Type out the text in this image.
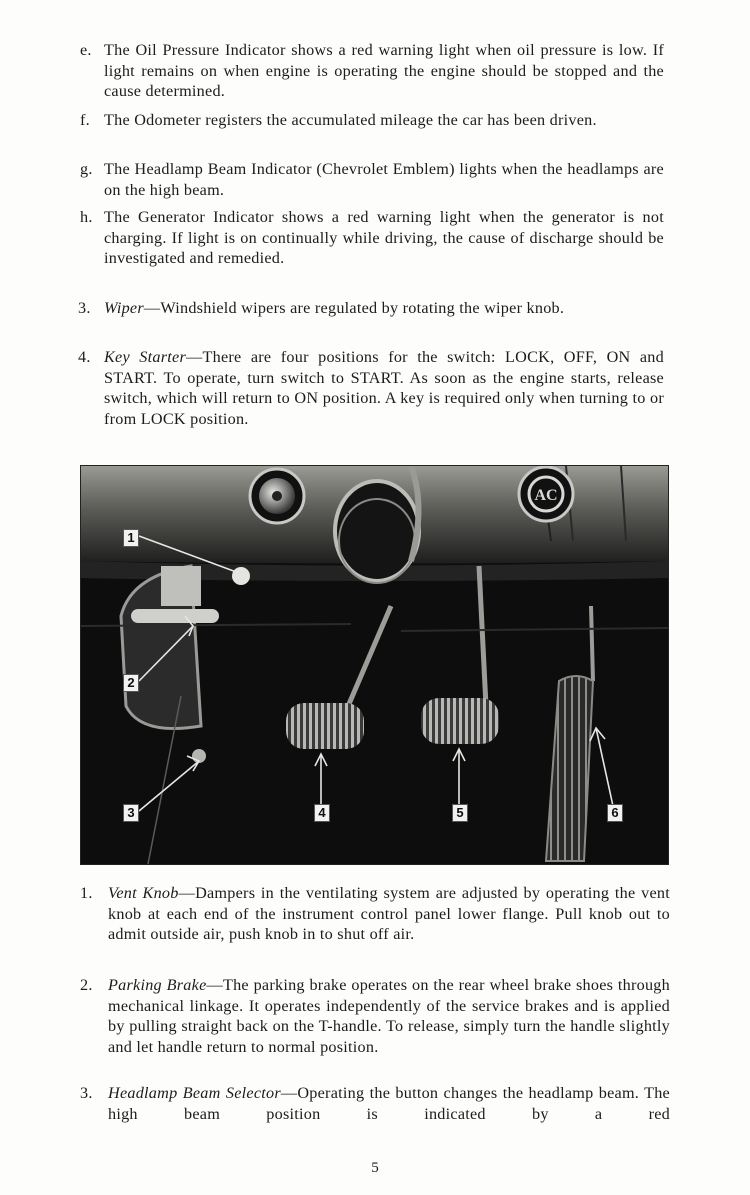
e. The Oil Pressure Indicator shows a red warning light when oil pressure is low. If light remains on when engine is operating the engine should be stopped and the cause determined.
f. The Odometer registers the accumulated mileage the car has been driven.
g. The Headlamp Beam Indicator (Chevrolet Emblem) lights when the headlamps are on the high beam.
h. The Generator Indicator shows a red warning light when the generator is not charging. If light is on continually while driving, the cause of discharge should be investigated and remedied.
3. Wiper—Windshield wipers are regulated by rotating the wiper knob.
4. Key Starter—There are four positions for the switch: LOCK, OFF, ON and START. To operate, turn switch to START. As soon as the engine starts, release switch, which will return to ON position. A key is required only when turning to or from LOCK position.
AC
1
2
3	4	5	6
1. Vent Knob—Dampers in the ventilating system are adjusted by operating the vent knob at each end of the instrument control panel lower flange. Pull knob out to admit outside air, push knob in to shut off air.
2. Parking Brake—The parking brake operates on the rear wheel brake shoes through mechanical linkage. It operates independently of the service brakes and is applied by pulling straight back on the T-handle. To release, simply turn the handle slightly and let handle return to normal position.
3. Headlamp Beam Selector—Operating the button changes the headlamp beam. The high beam position is indicated by a red
5
